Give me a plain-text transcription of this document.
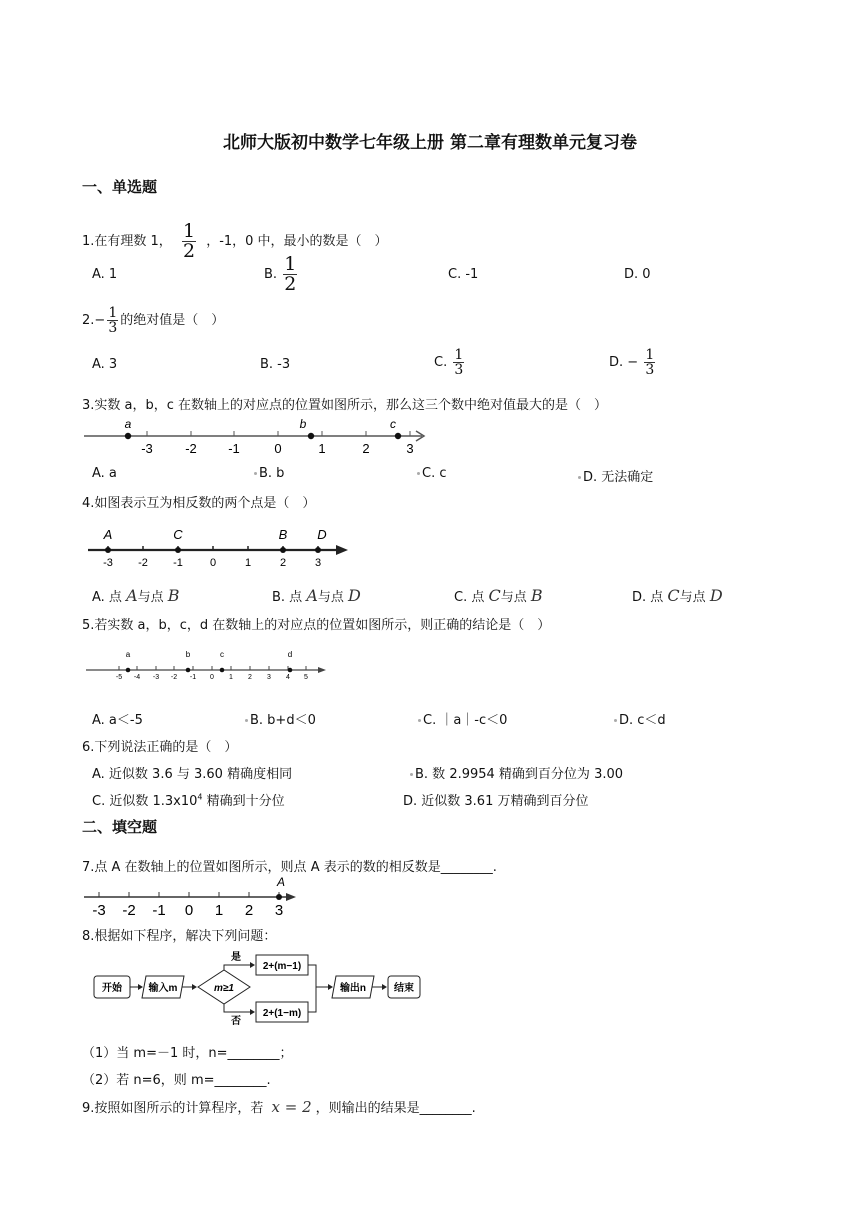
北师大版初中数学七年级上册 第二章有理数单元复习卷
一、单选题
1.在有理数 1， $\frac{1}{2}$ ，-1，0 中，最小的数是（　）
A. 1	B. $\frac{1}{2}$	C. -1	D. 0
$2.- \frac{1}{3}$ 的绝对值是（　）
A. 3	B. -3	C. $\frac{1}{3}$	D. − $\frac{1}{3}$
3.实数 a，b，c 在数轴上的对应点的位置如图所示，那么这三个数中绝对值最大的是（　）
-3 -2 -1	0	1	2	3
a	b	c
A. a	B. b	C. c	D. 无法确定
4.如图表示互为相反数的两个点是（　）
-3 -2 -1 0	1	2	3
A	C	B D
A. 点 A与点 B	B. 点 A与点 D	C. 点 C与点 B	D. 点 C与点 D
5.若实数 a，b，c，d 在数轴上的对应点的位置如图所示，则正确的结论是（　）
-5 -4 -3 -2 -1 0 1 2 3 4 5
a	b	c	d
A. a＜-5	B. b+d＜0	C. ｜a｜-c＜0	D. c＜d
6.下列说法正确的是（　）
A. 近似数 3.6 与 3.60 精确度相同	B. 数 2.9954 精确到百分位为 3.00
C. 近似数 $1.3x10^4$ 精确到十分位	D. 近似数 3.61 万精确到百分位
二、填空题
7.点 A 在数轴上的位置如图所示，则点 A 表示的数的相反数是________.
-3 -2 -1 0 1 2 3
A
8.根据如下程序，解决下列问题：
开始	输入m	m≥1
是
否
2+(m−1)
2+(1−m)
输出n	结束
（1）当 m=－1 时，n=________；
（2）若 n=6，则 m=________.
9.按照如图所示的计算程序，若 x = 2 ，则输出的结果是________.
